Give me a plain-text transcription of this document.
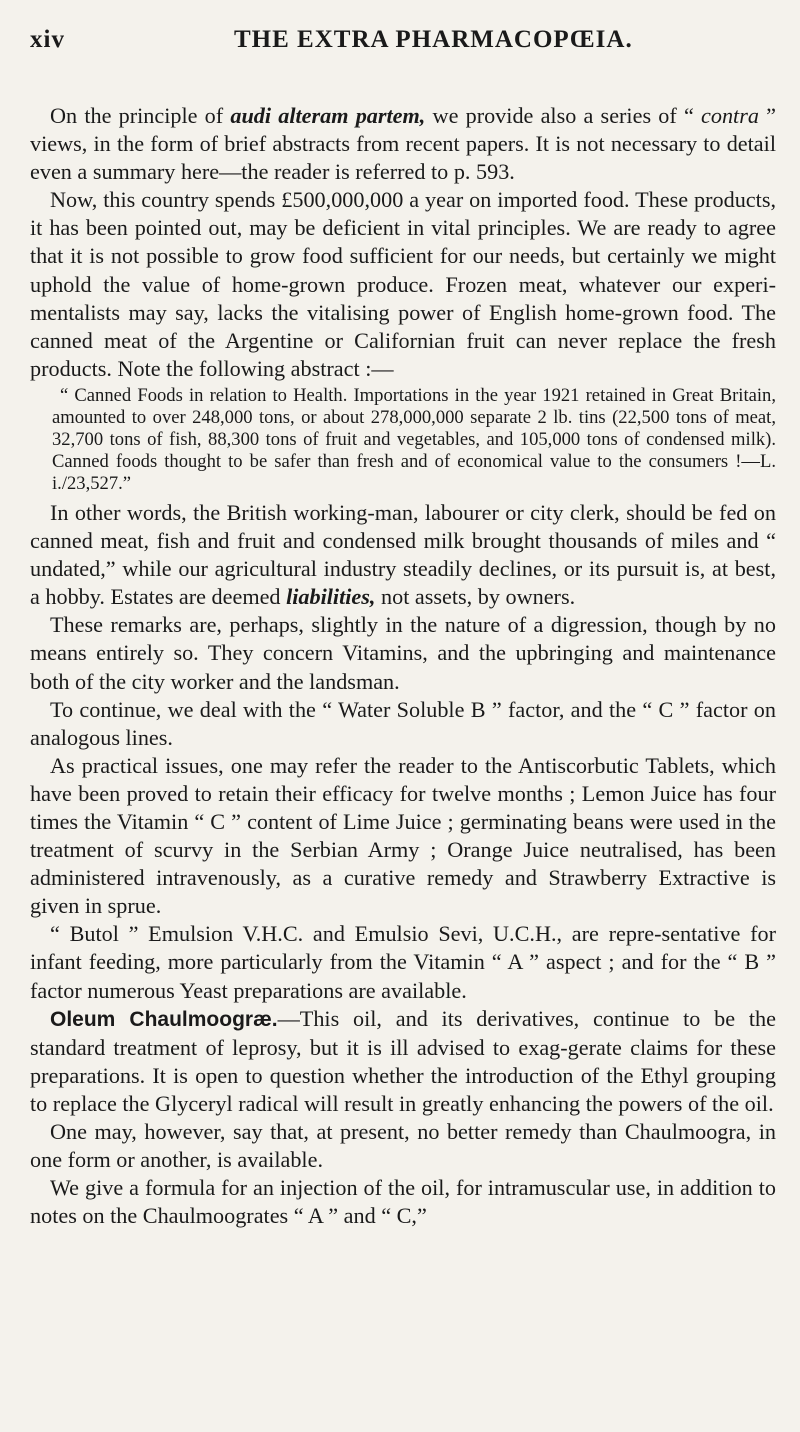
xiv	THE EXTRA PHARMACOPŒIA.

On the principle of audi alteram partem, we provide also a series of “ contra ” views, in the form of brief abstracts from recent papers. It is not necessary to detail even a summary here—the reader is referred to p. 593.

Now, this country spends £500,000,000 a year on imported food. These products, it has been pointed out, may be deficient in vital principles. We are ready to agree that it is not possible to grow food sufficient for our needs, but certainly we might uphold the value of home-grown produce. Frozen meat, whatever our experi-mentalists may say, lacks the vitalising power of English home-grown food. The canned meat of the Argentine or Californian fruit can never replace the fresh products. Note the following abstract :—

“ Canned Foods in relation to Health. Importations in the year 1921 retained in Great Britain, amounted to over 248,000 tons, or about 278,000,000 separate 2 lb. tins (22,500 tons of meat, 32,700 tons of fish, 88,300 tons of fruit and vegetables, and 105,000 tons of condensed milk). Canned foods thought to be safer than fresh and of economical value to the consumers !—L. i./23,527.”

In other words, the British working-man, labourer or city clerk, should be fed on canned meat, fish and fruit and condensed milk brought thousands of miles and “ undated,” while our agricultural industry steadily declines, or its pursuit is, at best, a hobby. Estates are deemed liabilities, not assets, by owners.

These remarks are, perhaps, slightly in the nature of a digression, though by no means entirely so. They concern Vitamins, and the upbringing and maintenance both of the city worker and the landsman.

To continue, we deal with the “ Water Soluble B ” factor, and the “ C ” factor on analogous lines.

As practical issues, one may refer the reader to the Antiscorbutic Tablets, which have been proved to retain their efficacy for twelve months ; Lemon Juice has four times the Vitamin “ C ” content of Lime Juice ; germinating beans were used in the treatment of scurvy in the Serbian Army ; Orange Juice neutralised, has been administered intravenously, as a curative remedy and Strawberry Extractive is given in sprue.

“ Butol ” Emulsion V.H.C. and Emulsio Sevi, U.C.H., are repre-sentative for infant feeding, more particularly from the Vitamin “ A ” aspect ; and for the “ B ” factor numerous Yeast preparations are available.

Oleum Chaulmoogræ.—This oil, and its derivatives, continue to be the standard treatment of leprosy, but it is ill advised to exag-gerate claims for these preparations. It is open to question whether the introduction of the Ethyl grouping to replace the Glyceryl radical will result in greatly enhancing the powers of the oil.

One may, however, say that, at present, no better remedy than Chaulmoogra, in one form or another, is available.

We give a formula for an injection of the oil, for intramuscular use, in addition to notes on the Chaulmoogrates “ A ” and “ C,”
